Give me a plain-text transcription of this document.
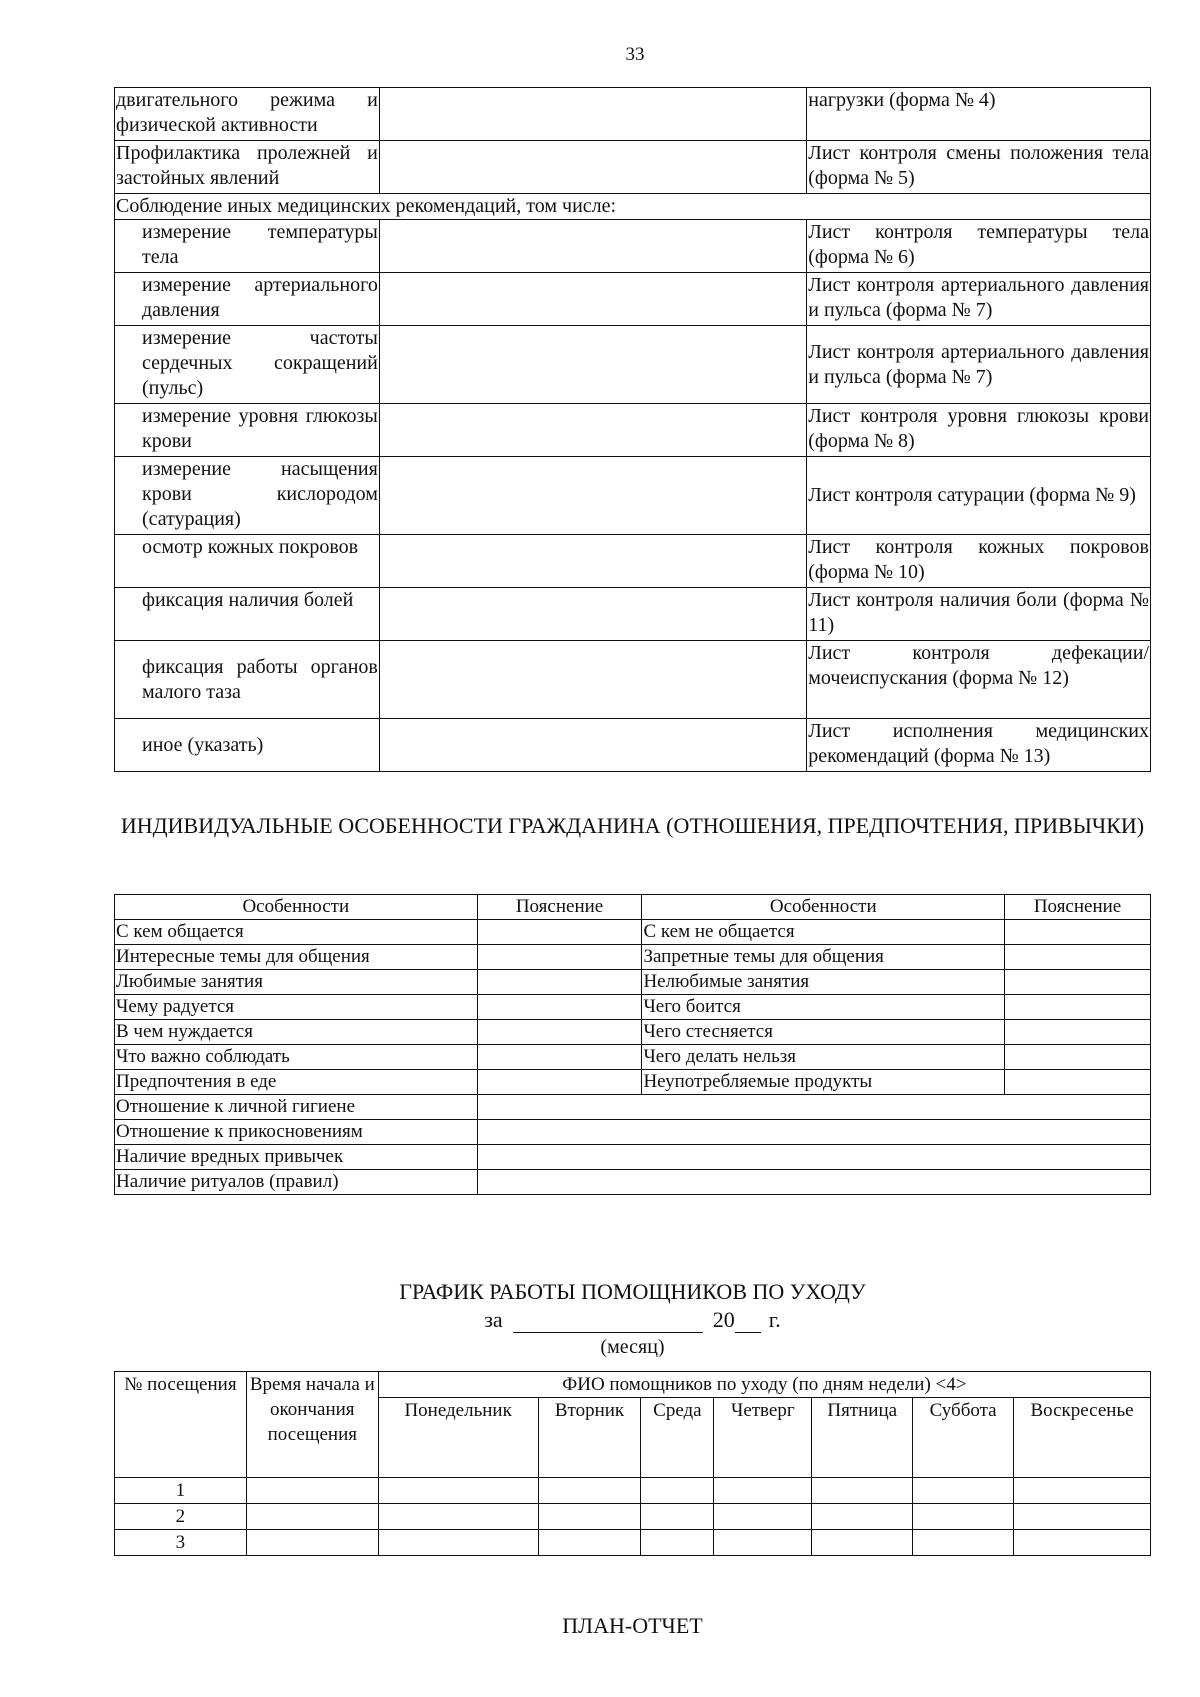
33
двигательного режима и физической активности		нагрузки (форма № 4)
Профилактика пролежней и застойных явлений		Лист контроля смены положения тела (форма № 5)
Соблюдение иных медицинских рекомендаций, том числе:		
измерение температуры тела		Лист контроля температуры тела (форма № 6)
измерение артериального давления		Лист контроля артериального давления и пульса (форма № 7)
измерение частоты сердечных сокращений (пульс)		Лист контроля артериального давления и пульса (форма № 7)
измерение уровня глюкозы крови		Лист контроля уровня глюкозы крови (форма № 8)
измерение насыщения крови кислородом (сатурация)		Лист контроля сатурации (форма № 9)
осмотр кожных покровов		Лист контроля кожных покровов (форма № 10)
фиксация наличия болей		Лист контроля наличия боли (форма № 11)
фиксация работы органов малого таза		Лист контроля дефекации/мочеиспускания (форма № 12)
иное (указать)		Лист исполнения медицинских рекомендаций (форма № 13)
ИНДИВИДУАЛЬНЫЕ ОСОБЕННОСТИ ГРАЖДАНИНА (ОТНОШЕНИЯ, ПРЕДПОЧТЕНИЯ, ПРИВЫЧКИ)
Особенности	Пояснение	Особенности	Пояснение
С кем общается		С кем не общается	
Интересные темы для общения		Запретные темы для общения	
Любимые занятия		Нелюбимые занятия	
Чему радуется		Чего боится	
В чем нуждается		Чего стесняется	
Что важно соблюдать		Чего делать нельзя	
Предпочтения в еде		Неупотребляемые продукты	
Отношение к личной гигиене			
Отношение к прикосновениям			
Наличие вредных привычек			
Наличие ритуалов (правил)			
ГРАФИК РАБОТЫ ПОМОЩНИКОВ ПО УХОДУ
за	20 г.
(месяц)
№ посещения	Время начала и окончания посещения	ФИО помощников по уходу (по дням недели) <4>						
		Понедельник	Вторник	Среда	Четверг	Пятница	Суббота	Воскресенье
1								
2								
3								
ПЛАН-ОТЧЕТ
